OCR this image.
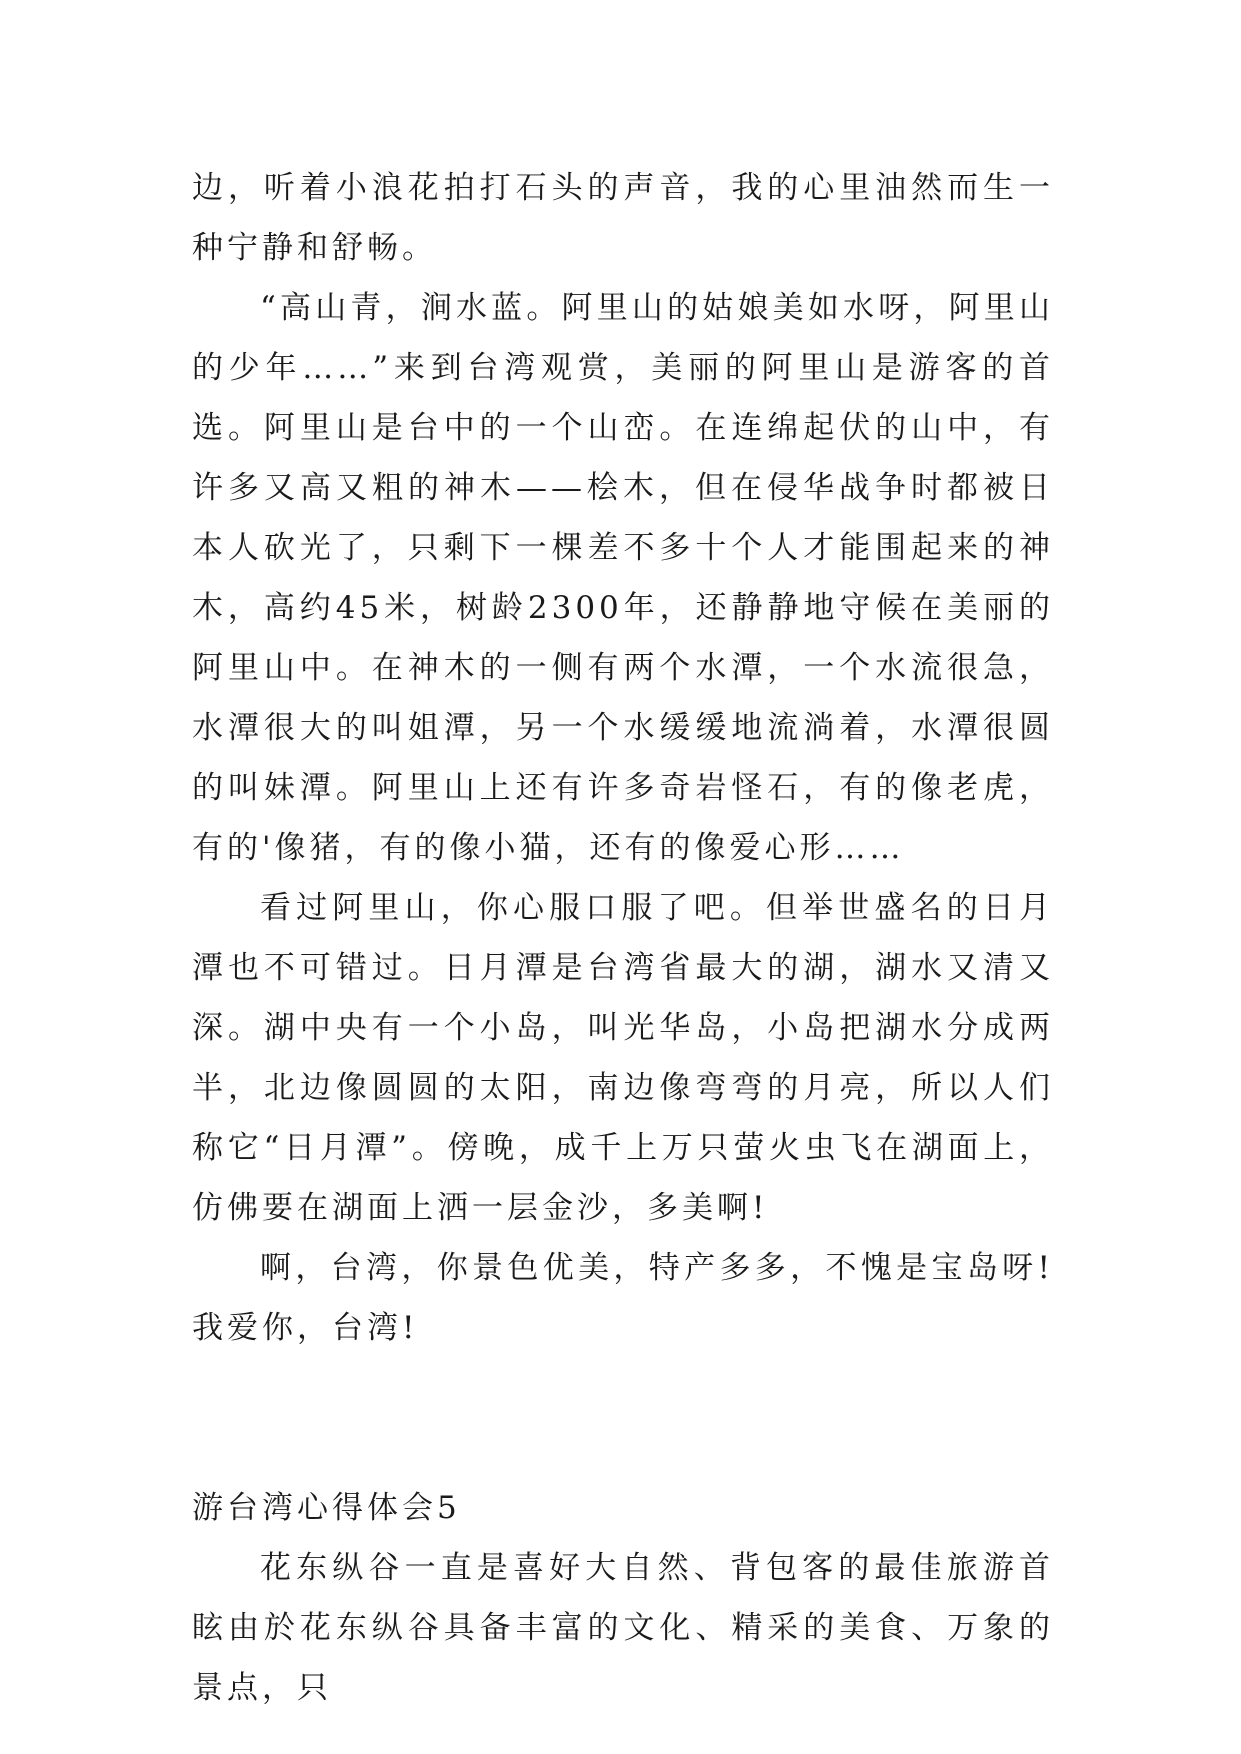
边，听着小浪花拍打石头的声音，我的心里油然而生一种宁静和舒畅。

“高山青，涧水蓝。阿里山的姑娘美如水呀，阿里山的少年……”来到台湾观赏，美丽的阿里山是游客的首选。阿里山是台中的一个山峦。在连绵起伏的山中，有许多又高又粗的神木——桧木，但在侵华战争时都被日本人砍光了，只剩下一棵差不多十个人才能围起来的神木，高约45米，树龄2300年，还静静地守候在美丽的阿里山中。在神木的一侧有两个水潭，一个水流很急，水潭很大的叫姐潭，另一个水缓缓地流淌着，水潭很圆的叫妹潭。阿里山上还有许多奇岩怪石，有的像老虎，有的'像猪，有的像小猫，还有的像爱心形……

看过阿里山，你心服口服了吧。但举世盛名的日月潭也不可错过。日月潭是台湾省最大的湖，湖水又清又深。湖中央有一个小岛，叫光华岛，小岛把湖水分成两半，北边像圆圆的太阳，南边像弯弯的月亮，所以人们称它“日月潭”。傍晚，成千上万只萤火虫飞在湖面上，仿佛要在湖面上洒一层金沙，多美啊!

啊，台湾，你景色优美，特产多多，不愧是宝岛呀!我爱你，台湾!

游台湾心得体会5

花东纵谷一直是喜好大自然、背包客的最佳旅游首眩由於花东纵谷具备丰富的文化、精采的美食、万象的景点，只
